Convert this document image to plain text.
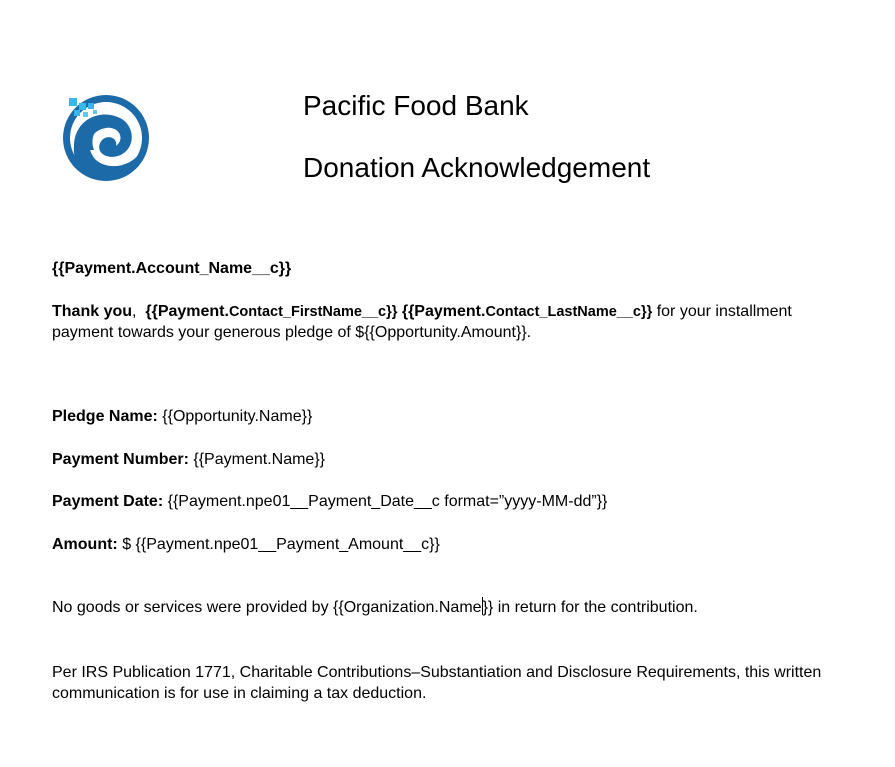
Pacific Food Bank
Donation Acknowledgement
{{Payment.Account_Name__c}}
Thank you, {{Payment.Contact_FirstName__c}} {{Payment.Contact_LastName__c}} for your installment
payment towards your generous pledge of ${{Opportunity.Amount}}.
Pledge Name: {{Opportunity.Name}}
Payment Number: {{Payment.Name}}
Payment Date: {{Payment.npe01__Payment_Date__c format=”yyyy-MM-dd”}}
Amount: $ {{Payment.npe01__Payment_Amount__c}}
No goods or services were provided by {{Organization.Name}} in return for the contribution.
Per IRS Publication 1771, Charitable Contributions–Substantiation and Disclosure Requirements, this written
communication is for use in claiming a tax deduction.
